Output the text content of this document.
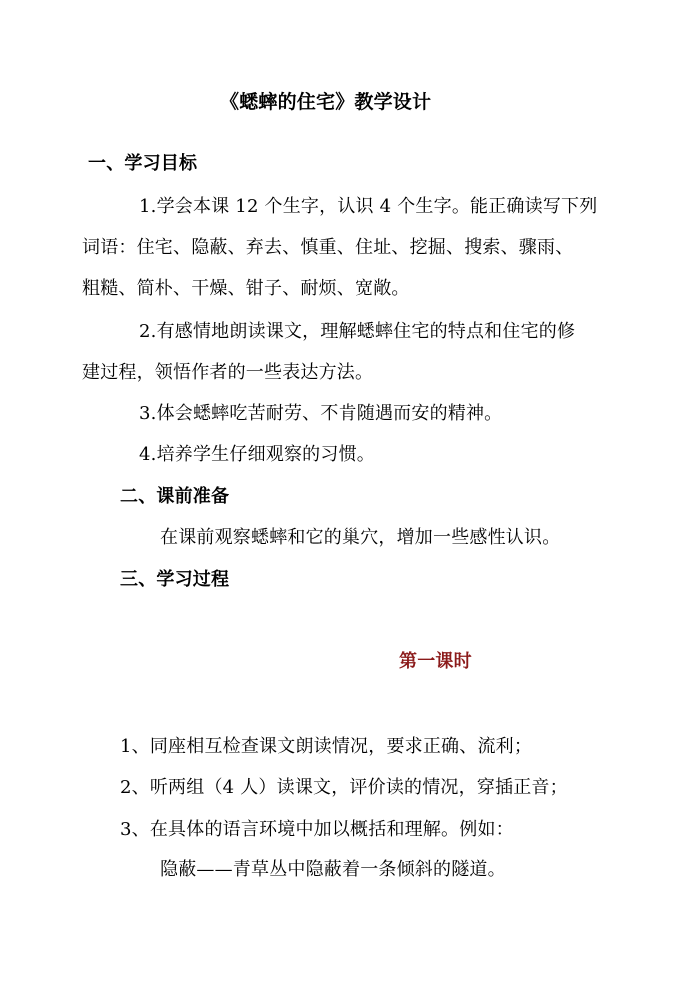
《蟋蟀的住宅》教学设计
一、学习目标
1.学会本课 12 个生字，认识 4 个生字。能正确读写下列
词语：住宅、隐蔽、弃去、慎重、住址、挖掘、搜索、骤雨、
粗糙、简朴、干燥、钳子、耐烦、宽敞。
2.有感情地朗读课文，理解蟋蟀住宅的特点和住宅的修
建过程，领悟作者的一些表达方法。
3.体会蟋蟀吃苦耐劳、不肯随遇而安的精神。
4.培养学生仔细观察的习惯。
二、课前准备
在课前观察蟋蟀和它的巢穴，增加一些感性认识。
三、学习过程
第一课时
1、同座相互检查课文朗读情况，要求正确、流利；
2、听两组（4 人）读课文，评价读的情况，穿插正音；
3、在具体的语言环境中加以概括和理解。例如：
隐蔽——青草丛中隐蔽着一条倾斜的隧道。
